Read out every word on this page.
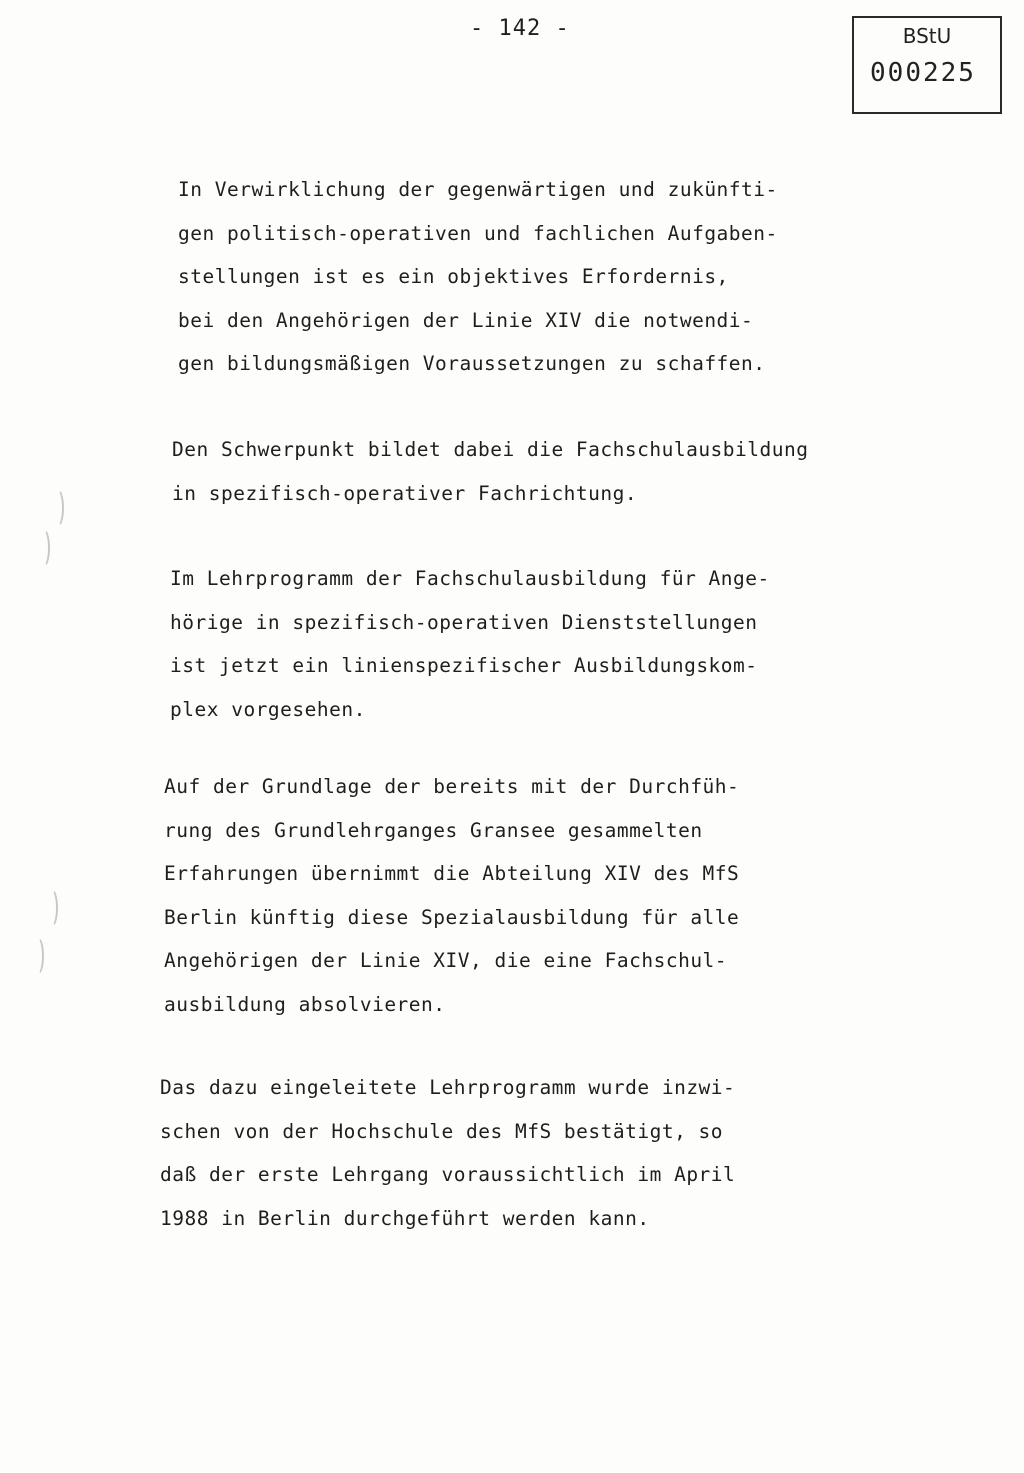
- 142 -	BStU
000225
In Verwirklichung der gegenwärtigen und zukünfti-
gen politisch-operativen und fachlichen Aufgaben-
stellungen ist es ein objektives Erfordernis,
bei den Angehörigen der Linie XIV die notwendi-
gen bildungsmäßigen Voraussetzungen zu schaffen.
Den Schwerpunkt bildet dabei die Fachschulausbildung
in spezifisch-operativer Fachrichtung.
Im Lehrprogramm der Fachschulausbildung für Ange-
hörige in spezifisch-operativen Dienststellungen
ist jetzt ein linienspezifischer Ausbildungskom-
plex vorgesehen.
Auf der Grundlage der bereits mit der Durchfüh-
rung des Grundlehrganges Gransee gesammelten
Erfahrungen übernimmt die Abteilung XIV des MfS
Berlin künftig diese Spezialausbildung für alle
Angehörigen der Linie XIV, die eine Fachschul-
ausbildung absolvieren.
Das dazu eingeleitete Lehrprogramm wurde inzwi-
schen von der Hochschule des MfS bestätigt, so
daß der erste Lehrgang voraussichtlich im April
1988 in Berlin durchgeführt werden kann.
